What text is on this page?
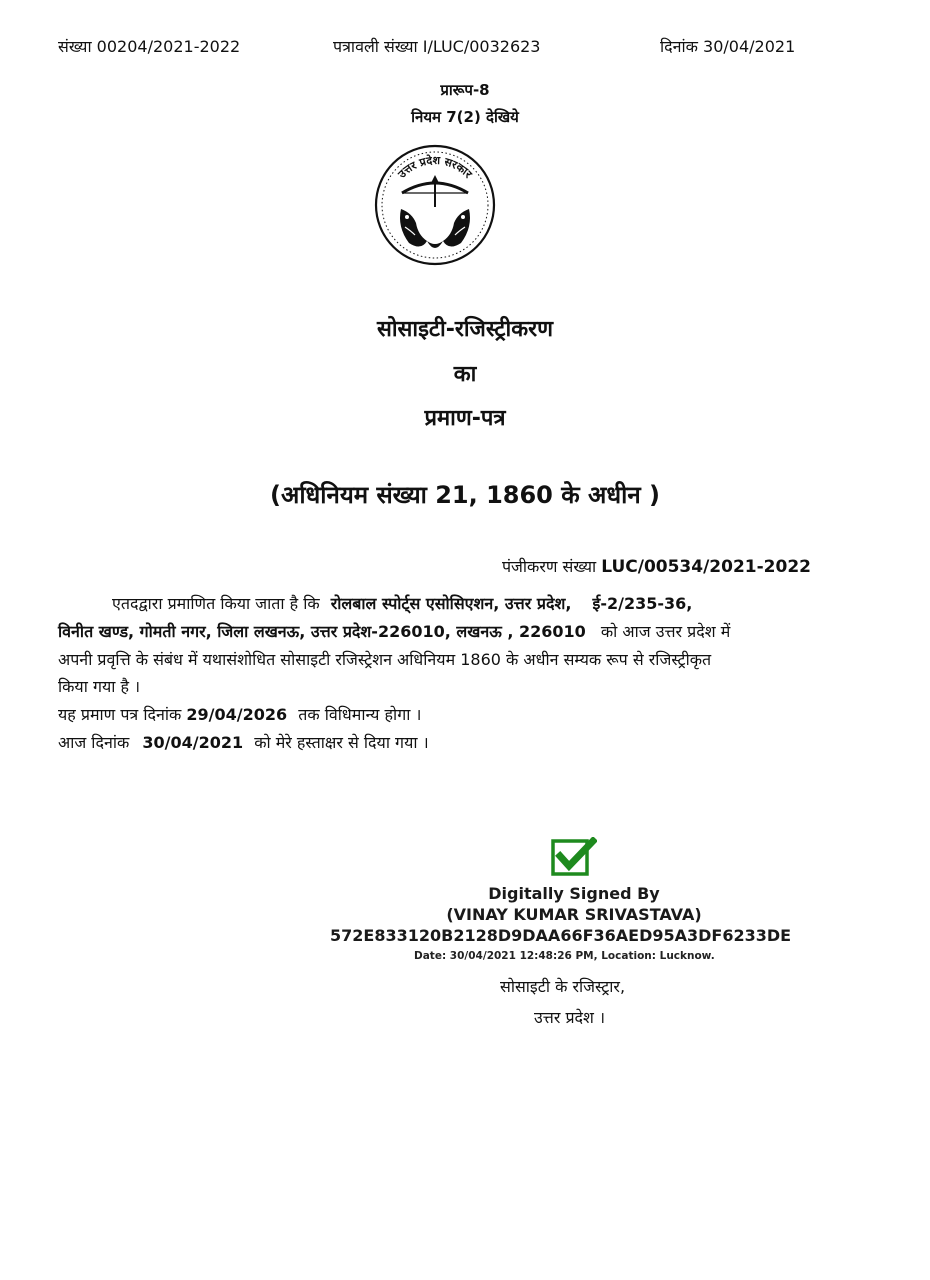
संख्या 00204/2021-2022	पत्रावली संख्या I/LUC/0032623	दिनांक 30/04/2021
प्रारूप-8
नियम 7(2) देखिये
उत्तर प्रदेश सरकार
सोसाइटी-रजिस्ट्रीकरण
का
प्रमाण-पत्र
(अधिनियम संख्या 21, 1860 के अधीन )
पंजीकरण संख्या LUC/00534/2021-2022
एतदद्वारा प्रमाणित किया जाता है कि रोलबाल स्पोर्ट्स एसोसिएशन, उत्तर प्रदेश, ई-2/235-36,
विनीत खण्ड, गोमती नगर, जिला लखनऊ, उत्तर प्रदेश-226010, लखनऊ , 226010 को आज उत्तर प्रदेश में
अपनी प्रवृत्ति के संबंध में यथासंशोधित सोसाइटी रजिस्ट्रेशन अधिनियम 1860 के अधीन सम्यक रूप से रजिस्ट्रीकृत
किया गया है ।
यह प्रमाण पत्र दिनांक 29/04/2026 तक विधिमान्य होगा ।
आज दिनांक 30/04/2021 को मेरे हस्ताक्षर से दिया गया ।
Digitally Signed By
(VINAY KUMAR SRIVASTAVA)
572E833120B2128D9DAA66F36AED95A3DF6233DE
Date: 30/04/2021 12:48:26 PM, Location: Lucknow.
सोसाइटी के रजिस्ट्रार,
उत्तर प्रदेश ।
